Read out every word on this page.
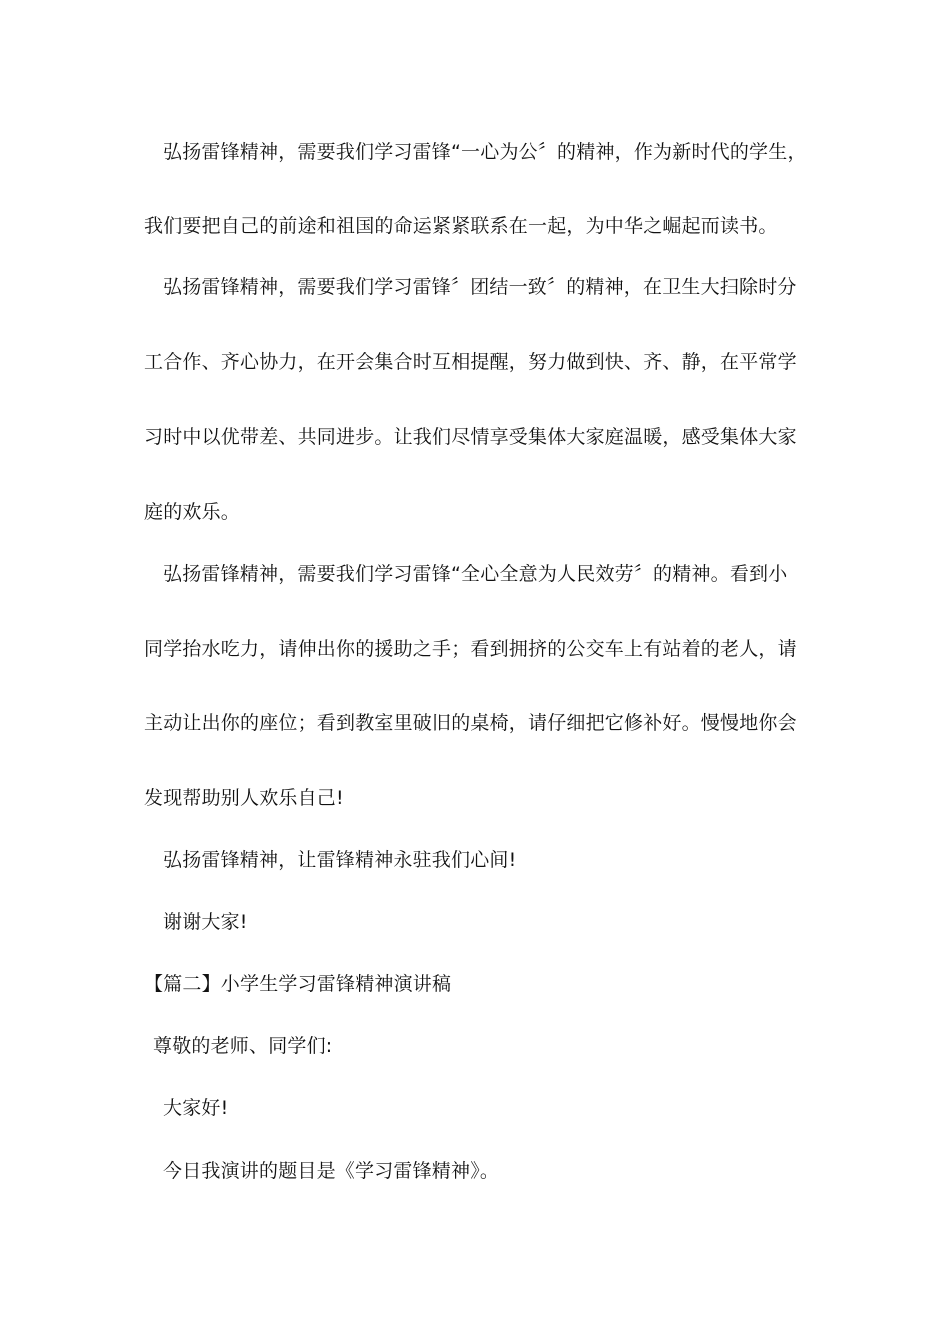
弘扬雷锋精神，需要我们学习雷锋“一心为公〞的精神，作为新时代的学生，
我们要把自己的前途和祖国的命运紧紧联系在一起，为中华之崛起而读书。
弘扬雷锋精神，需要我们学习雷锋〞团结一致〞的精神，在卫生大扫除时分
工合作、齐心协力，在开会集合时互相提醒，努力做到快、齐、静，在平常学
习时中以优带差、共同进步。让我们尽情享受集体大家庭温暖，感受集体大家
庭的欢乐。
弘扬雷锋精神，需要我们学习雷锋“全心全意为人民效劳〞的精神。看到小
同学抬水吃力，请伸出你的援助之手；看到拥挤的公交车上有站着的老人，请
主动让出你的座位；看到教室里破旧的桌椅，请仔细把它修补好。慢慢地你会
发现帮助别人欢乐自己!
弘扬雷锋精神，让雷锋精神永驻我们心间!
谢谢大家!
【篇二】小学生学习雷锋精神演讲稿
尊敬的老师、同学们:
大家好!
今日我演讲的题目是《学习雷锋精神》。
